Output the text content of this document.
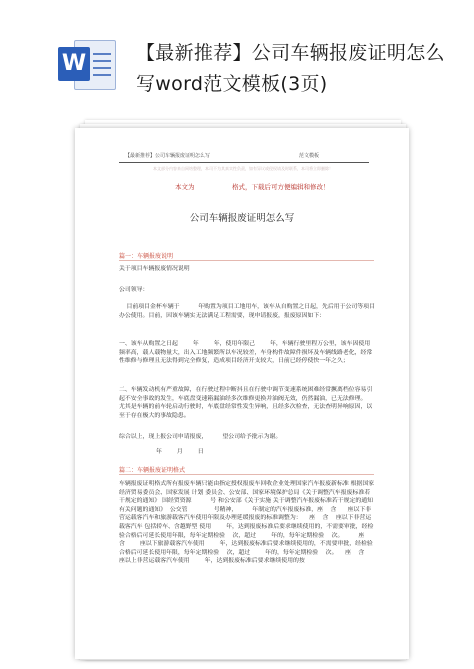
W	【最新推荐】公司车辆报废证明怎么写word范文模板(3页)
【最新推荐】公司车辆报废证明怎么写	范文模板
本文部分内容来自网络整理，本司不为其真实性负责，如有异议或侵权请及时联系，本司将立即删除！
本文为	格式，下载后可方便编辑和修改！
公司车辆报废证明怎么写
篇一：车辆报废说明
关于项目车辆报废情况说明
公司领导：
目前项目金杯车辆于          年购置为项目工地用车，该车从自购置之日起，先后用于公司等项目办公使用。目前，因该车辆实无法满足工程需要，现申请报废，报废原因如下：
一、该车从购置之日起        年        年，使用年限己        年，车辆行驶里程万公里，该车因使用频率高，载人载物量大，出入工地频繁所以车况较差，车身构件故障件损坏及车辆线路老化，经常性维修与修理且无法得到完全修复，造成项目经济开支较大，日前已经停使快一年之久；
二、车辆发动机有严重故障，在行驶过程中断抖且在行驶中调节变速系统困难经常撅离档位容易引起不安全事故的发生，车底盘变速箱漏油经多次维修更换并油阀无效，仍然漏油，已无法修理。        尤其是车辆的前车轮启动行驶时，车底盘经常性发生异响，且经多次检查，无法查明异响原因，以至于存在极大的事故隐患。
综合以上，现上报公司申请报废，        望公司给予批示为谢。
年        月        日
篇二：车辆报废证明格式
车辆报废证明格式所有报废车辆只能由指定授权报废车回收企业处理国家汽车报废新标准 根据国家经济贸易委员会、国家发展 计划 委员会、公安部、国家环境保护总局《关于调整汽车报废标准若干规定的通知》 国经贸资源          号 和公安部《关于实施 关于调整汽车报废标准若干规定的通知有关问题的通知》  公交管              号精神，        年制定的汽车报废标准，座    含      座以下非营运载客汽车和旅游载客汽车使用年限及办理延缓报废的标准调整为：    座    含    座以下非营运载客汽车 包括轿车、含越野型 使用        年，达到报废标准后要求继续使用的，不需要审批，经检验合格后可延长使用年限，每年定期检验    次，超过        年的，每年定期检验    次。        座    含        座以下旅游载客汽车使用        年，达到报废标准后要求继续使用的，不需要审批，经检验合格后可延长使用年限，每年定期检验    次，超过        年的，每年定期检验    次。    座    含    座以上非营运载客汽车使用        年，达到报废标准后要求继续使用的按
